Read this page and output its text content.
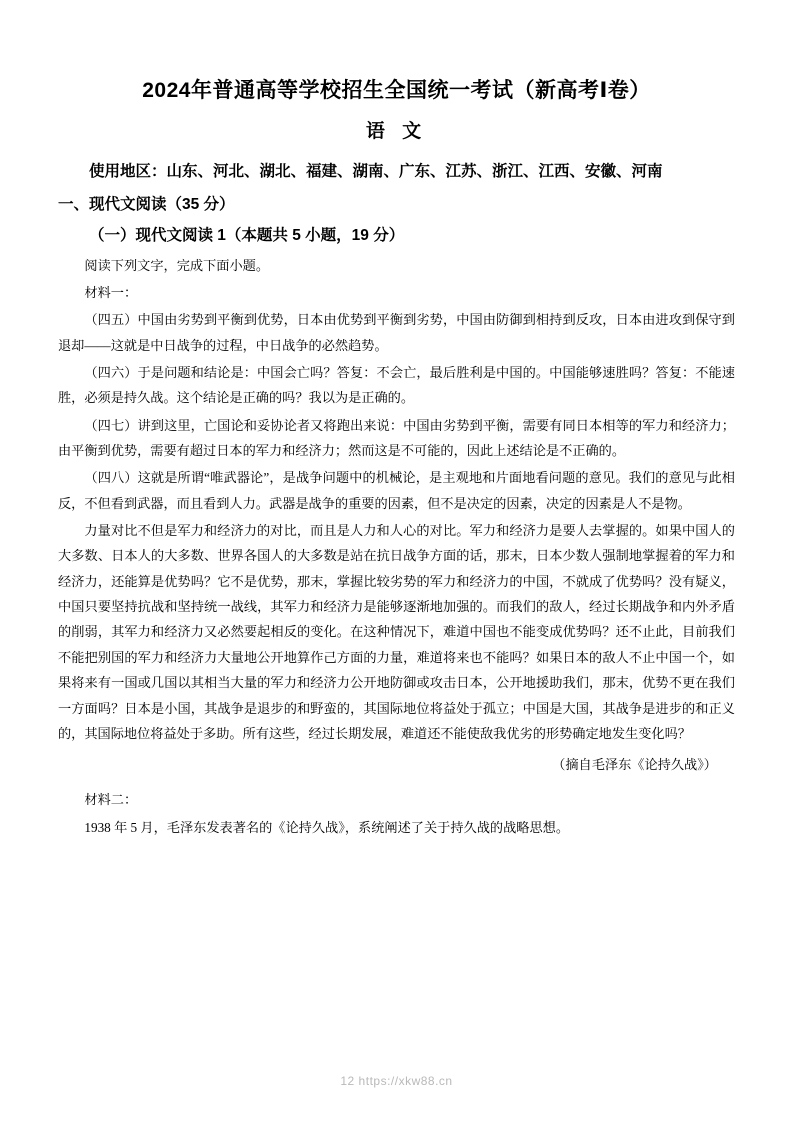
2024年普通高等学校招生全国统一考试（新高考Ⅰ卷）
语 文
使用地区：山东、河北、湖北、福建、湖南、广东、江苏、浙江、江西、安徽、河南
一、现代文阅读（35 分）
（一）现代文阅读 1（本题共 5 小题，19 分）
阅读下列文字，完成下面小题。
材料一：
（四五）中国由劣势到平衡到优势，日本由优势到平衡到劣势，中国由防御到相持到反攻，日本由进攻到保守到退却——这就是中日战争的过程，中日战争的必然趋势。
（四六）于是问题和结论是：中国会亡吗？答复：不会亡，最后胜利是中国的。中国能够速胜吗？答复：不能速胜，必须是持久战。这个结论是正确的吗？我以为是正确的。
（四七）讲到这里，亡国论和妥协论者又将跑出来说：中国由劣势到平衡，需要有同日本相等的军力和经济力；由平衡到优势，需要有超过日本的军力和经济力；然而这是不可能的，因此上述结论是不正确的。
（四八）这就是所谓“唯武器论”，是战争问题中的机械论，是主观地和片面地看问题的意见。我们的意见与此相反，不但看到武器，而且看到人力。武器是战争的重要的因素，但不是决定的因素，决定的因素是人不是物。
力量对比不但是军力和经济力的对比，而且是人力和人心的对比。军力和经济力是要人去掌握的。如果中国人的大多数、日本人的大多数、世界各国人的大多数是站在抗日战争方面的话，那末，日本少数人强制地掌握着的军力和经济力，还能算是优势吗？它不是优势，那末，掌握比较劣势的军力和经济力的中国，不就成了优势吗？没有疑义，中国只要坚持抗战和坚持统一战线，其军力和经济力是能够逐渐地加强的。而我们的敌人，经过长期战争和内外矛盾的削弱，其军力和经济力又必然要起相反的变化。在这种情况下，难道中国也不能变成优势吗？还不止此，目前我们不能把别国的军力和经济力大量地公开地算作己方面的力量，难道将来也不能吗？如果日本的敌人不止中国一个，如果将来有一国或几国以其相当大量的军力和经济力公开地防御或攻击日本，公开地援助我们，那末，优势不更在我们一方面吗？日本是小国，其战争是退步的和野蛮的，其国际地位将益处于孤立；中国是大国，其战争是进步的和正义的，其国际地位将益处于多助。所有这些，经过长期发展，难道还不能使敌我优劣的形势确定地发生变化吗？
（摘自毛泽东《论持久战》）
材料二：
1938 年 5 月，毛泽东发表著名的《论持久战》，系统阐述了关于持久战的战略思想。
12 https://xkw88.cn
